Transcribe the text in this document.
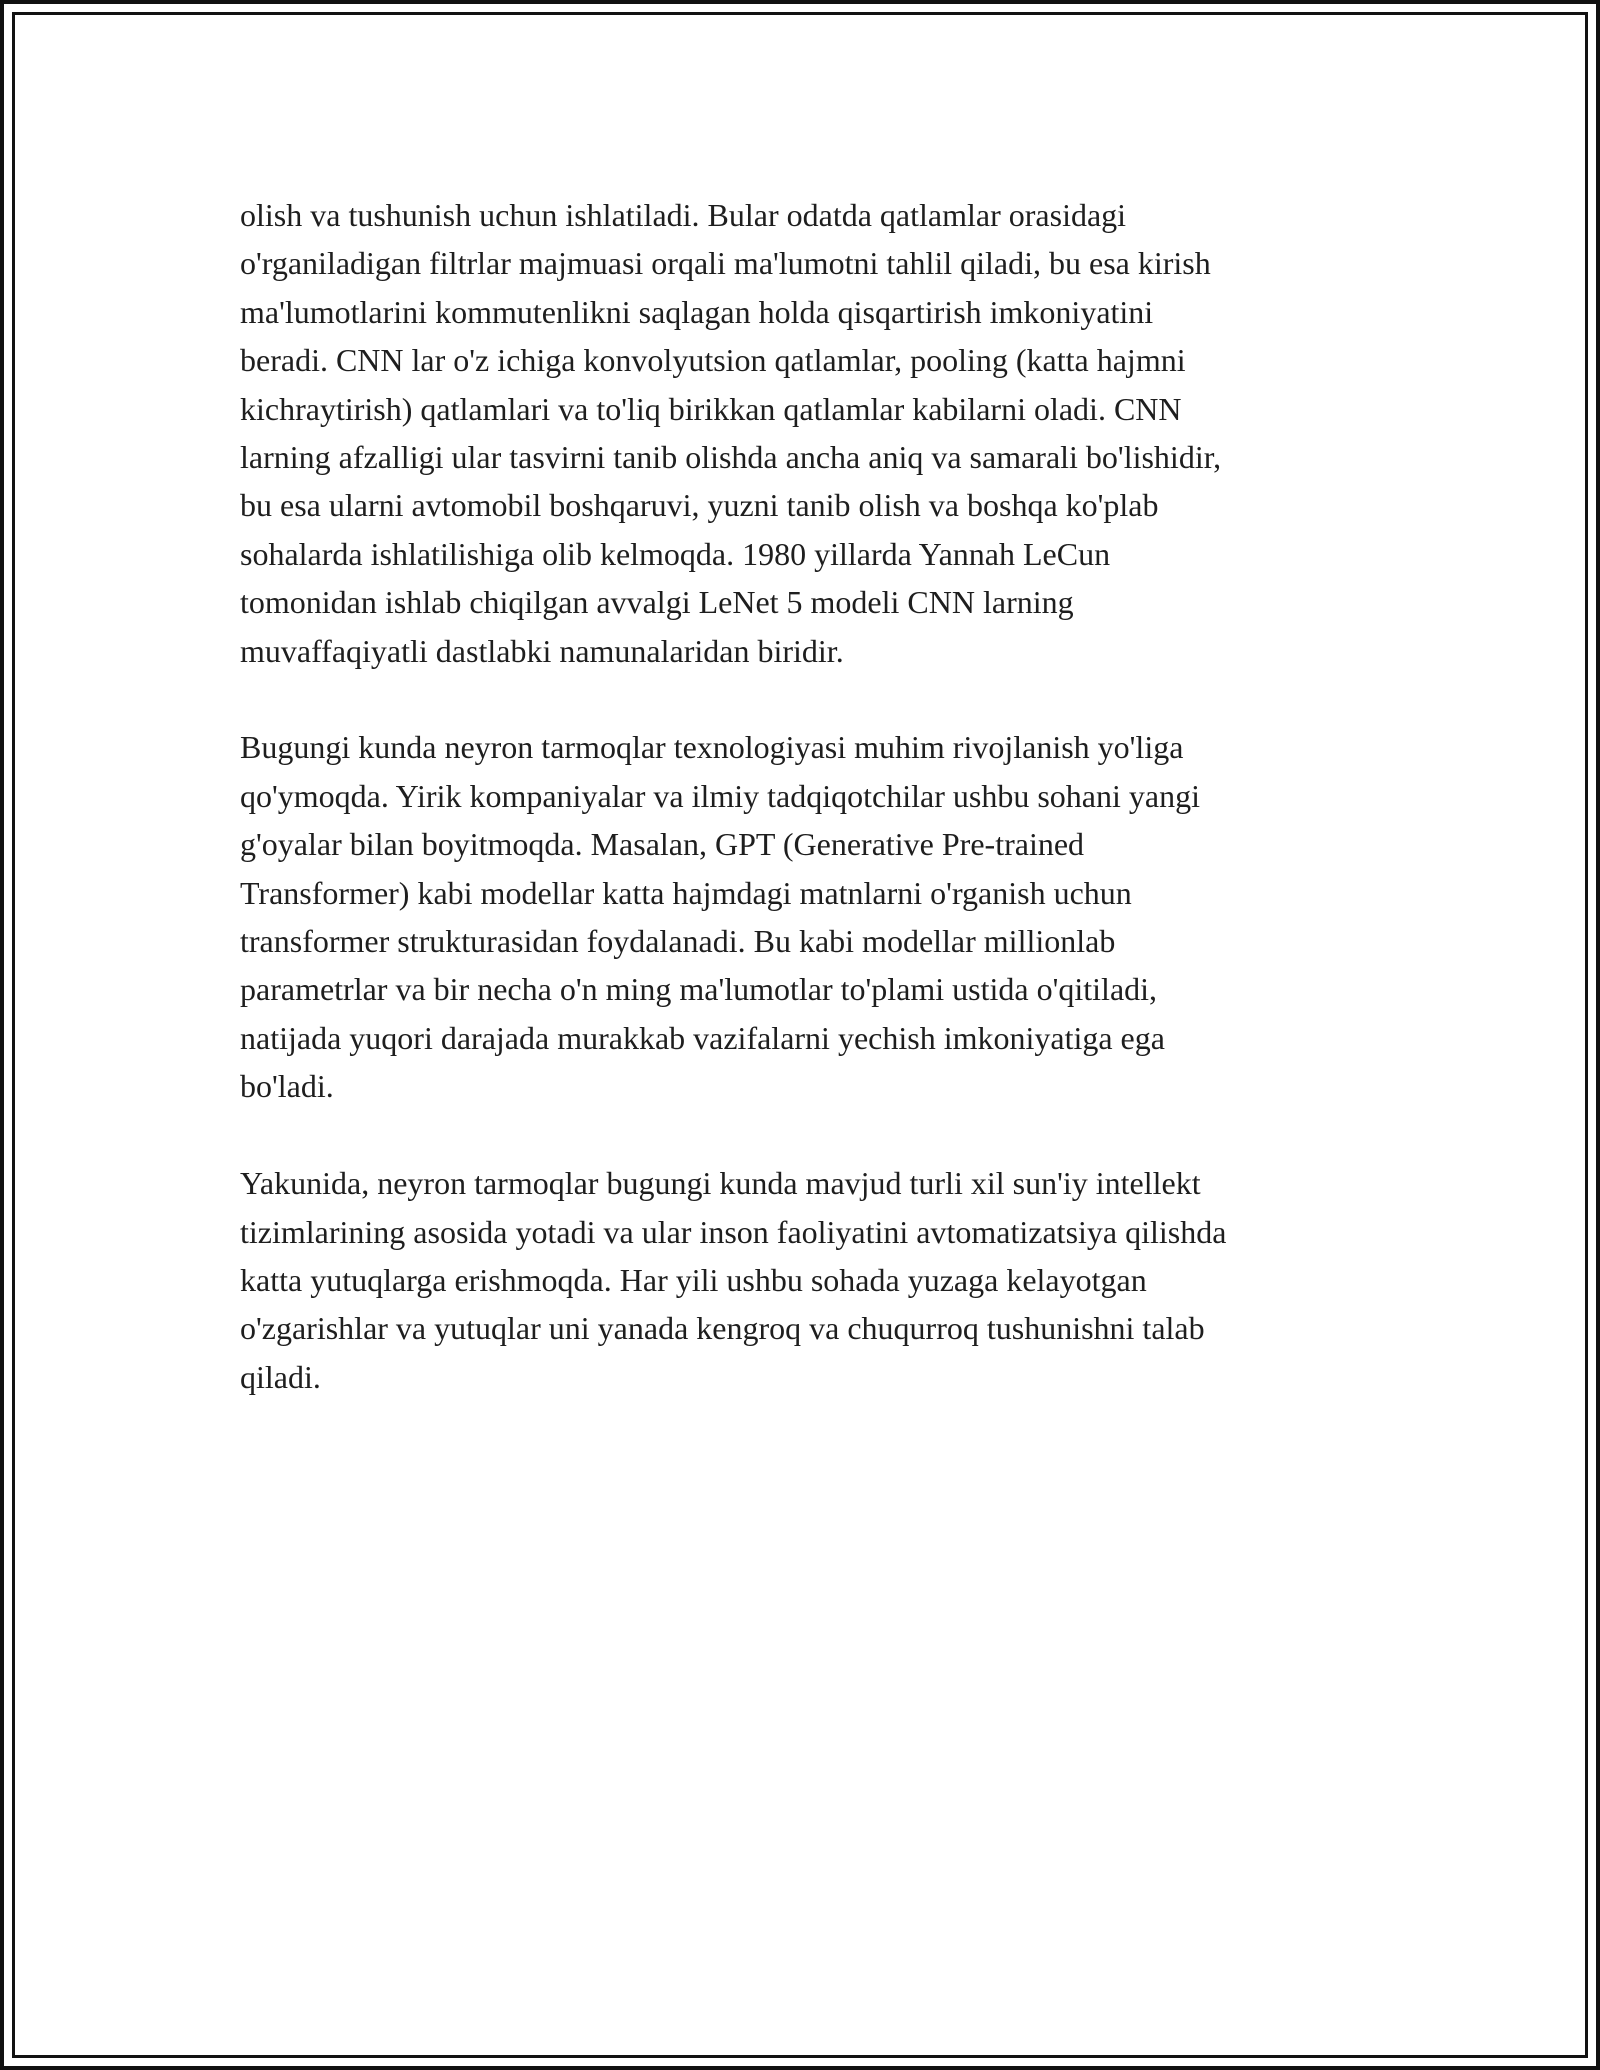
olish va tushunish uchun ishlatiladi. Bular odatda qatlamlar orasidagi
o'rganiladigan filtrlar majmuasi orqali ma'lumotni tahlil qiladi, bu esa kirish
ma'lumotlarini kommutenlikni saqlagan holda qisqartirish imkoniyatini
beradi. CNN lar o'z ichiga konvolyutsion qatlamlar, pooling (katta hajmni
kichraytirish) qatlamlari va to'liq birikkan qatlamlar kabilarni oladi. CNN
larning afzalligi ular tasvirni tanib olishda ancha aniq va samarali bo'lishidir,
bu esa ularni avtomobil boshqaruvi, yuzni tanib olish va boshqa ko'plab
sohalarda ishlatilishiga olib kelmoqda. 1980 yillarda Yannah LeCun
tomonidan ishlab chiqilgan avvalgi LeNet 5 modeli CNN larning
muvaffaqiyatli dastlabki namunalaridan biridir.

Bugungi kunda neyron tarmoqlar texnologiyasi muhim rivojlanish yo'liga
qo'ymoqda. Yirik kompaniyalar va ilmiy tadqiqotchilar ushbu sohani yangi
g'oyalar bilan boyitmoqda. Masalan, GPT (Generative Pre-trained
Transformer) kabi modellar katta hajmdagi matnlarni o'rganish uchun
transformer strukturasidan foydalanadi. Bu kabi modellar millionlab
parametrlar va bir necha o'n ming ma'lumotlar to'plami ustida o'qitiladi,
natijada yuqori darajada murakkab vazifalarni yechish imkoniyatiga ega
bo'ladi.

Yakunida, neyron tarmoqlar bugungi kunda mavjud turli xil sun'iy intellekt
tizimlarining asosida yotadi va ular inson faoliyatini avtomatizatsiya qilishda
katta yutuqlarga erishmoqda. Har yili ushbu sohada yuzaga kelayotgan
o'zgarishlar va yutuqlar uni yanada kengroq va chuqurroq tushunishni talab
qiladi.
